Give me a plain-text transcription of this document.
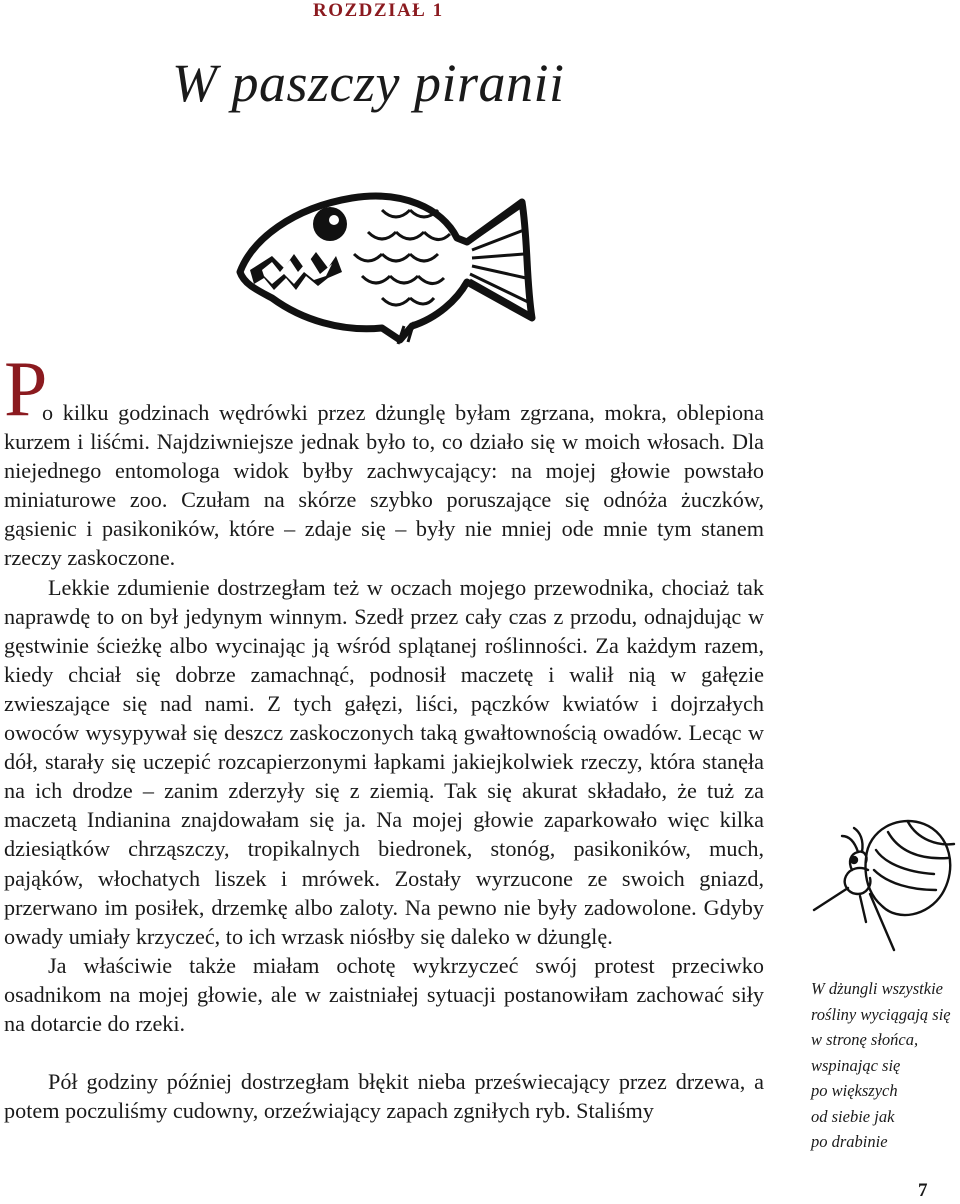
ROZDZIAŁ 1
W paszczy piranii
P

o kilku godzinach wędrówki przez dżunglę byłam zgrzana, mokra, oblepiona kurzem i liśćmi. Najdziwniejsze jednak było to, co działo się w moich włosach. Dla niejednego entomologa widok byłby zachwycający: na mojej głowie powstało miniaturowe zoo. Czułam na skórze szybko poruszające się odnóża żuczków, gąsienic i pasikoników, które – zdaje się – były nie mniej ode mnie tym stanem rzeczy zaskoczone.

Lekkie zdumienie dostrzegłam też w oczach mojego przewodnika, chociaż tak naprawdę to on był jedynym winnym. Szedł przez cały czas z przodu, odnajdując w gęstwinie ścieżkę albo wycinając ją wśród splątanej roślinności. Za każdym razem, kiedy chciał się dobrze zamachnąć, podnosił maczetę i walił nią w gałęzie zwieszające się nad nami. Z tych gałęzi, liści, pączków kwiatów i dojrzałych owoców wysypywał się deszcz zaskoczonych taką gwałtownością owadów. Lecąc w dół, starały się uczepić rozcapierzonymi łapkami jakiejkolwiek rzeczy, która stanęła na ich drodze – zanim zderzyły się z ziemią. Tak się akurat składało, że tuż za maczetą Indianina znajdowałam się ja. Na mojej głowie zaparkowało więc kilka dziesiątków chrząszczy, tropikalnych biedronek, stonóg, pasikoników, much, pająków, włochatych liszek i mrówek. Zostały wyrzucone ze swoich gniazd, przerwano im posiłek, drzemkę albo zaloty. Na pewno nie były zadowolone. Gdyby owady umiały krzyczeć, to ich wrzask niósłby się daleko w dżunglę.

Ja właściwie także miałam ochotę wykrzyczeć swój protest przeciwko osadnikom na mojej głowie, ale w zaistniałej sytuacji postanowiłam zachować siły na dotarcie do rzeki.

Pół godziny później dostrzegłam błękit nieba przeświecający przez drzewa, a potem poczuliśmy cudowny, orzeźwiający zapach zgniłych ryb. Staliśmy

W dżungli wszystkie
rośliny wyciągają się
w stronę słońca,
wspinając się
po większych
od siebie jak
po drabinie
7
